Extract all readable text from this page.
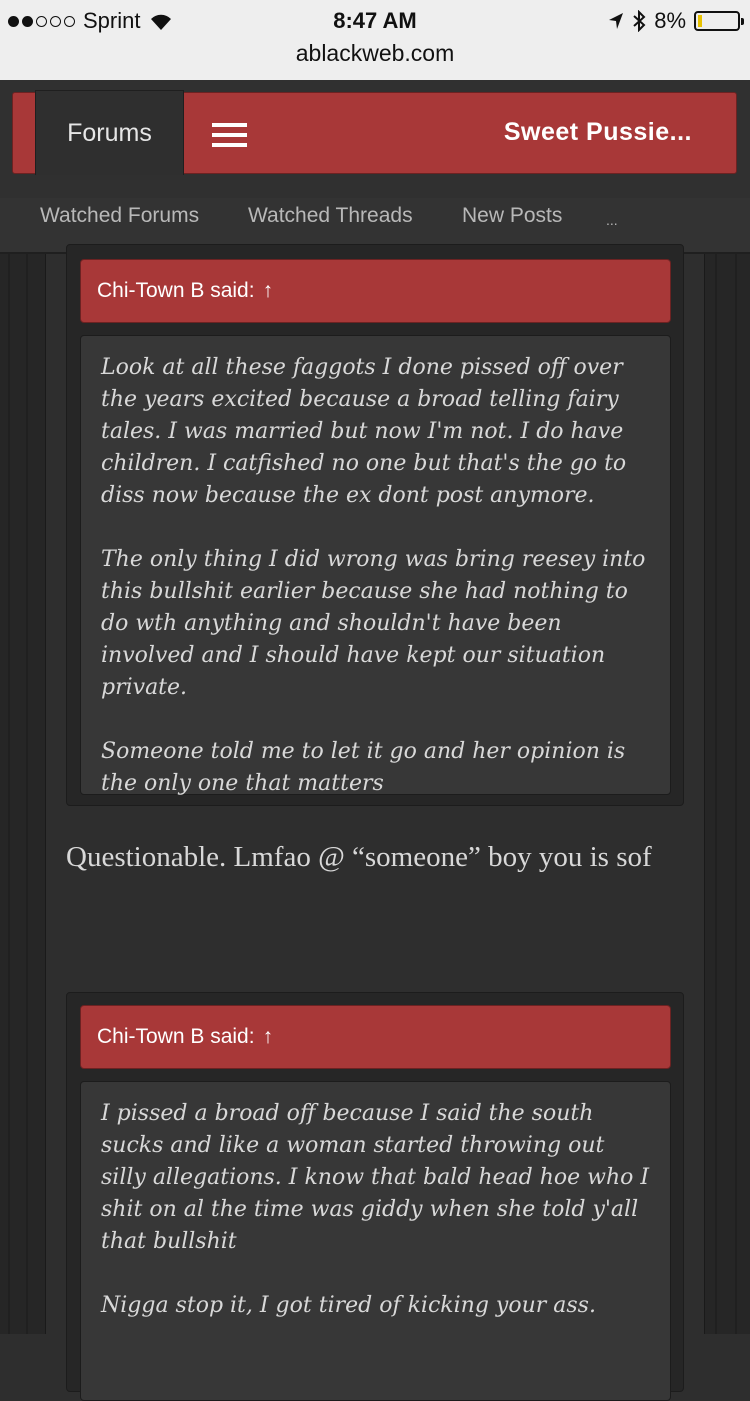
Sprint	8:47 AM	8%
ablackweb.com
Forums	Sweet Pussie...
Watched Forums Watched Threads New Posts	...
Chi-Town B said: ↑

Look at all these faggots I done pissed off over the years excited because a broad telling fairy tales. I was married but now I'm not. I do have children. I catfished no one but that's the go to diss now because the ex dont post anymore.

The only thing I did wrong was bring reesey into this bullshit earlier because she had nothing to do wth anything and shouldn't have been involved and I should have kept our situation private.

Someone told me to let it go and her opinion is the only one that matters

Questionable. Lmfao @ “someone” boy you is sof
Chi-Town B said: ↑

I pissed a broad off because I said the south sucks and like a woman started throwing out silly allegations. I know that bald head hoe who I shit on al the time was giddy when she told y'all that bullshit

Nigga stop it, I got tired of kicking your ass.
